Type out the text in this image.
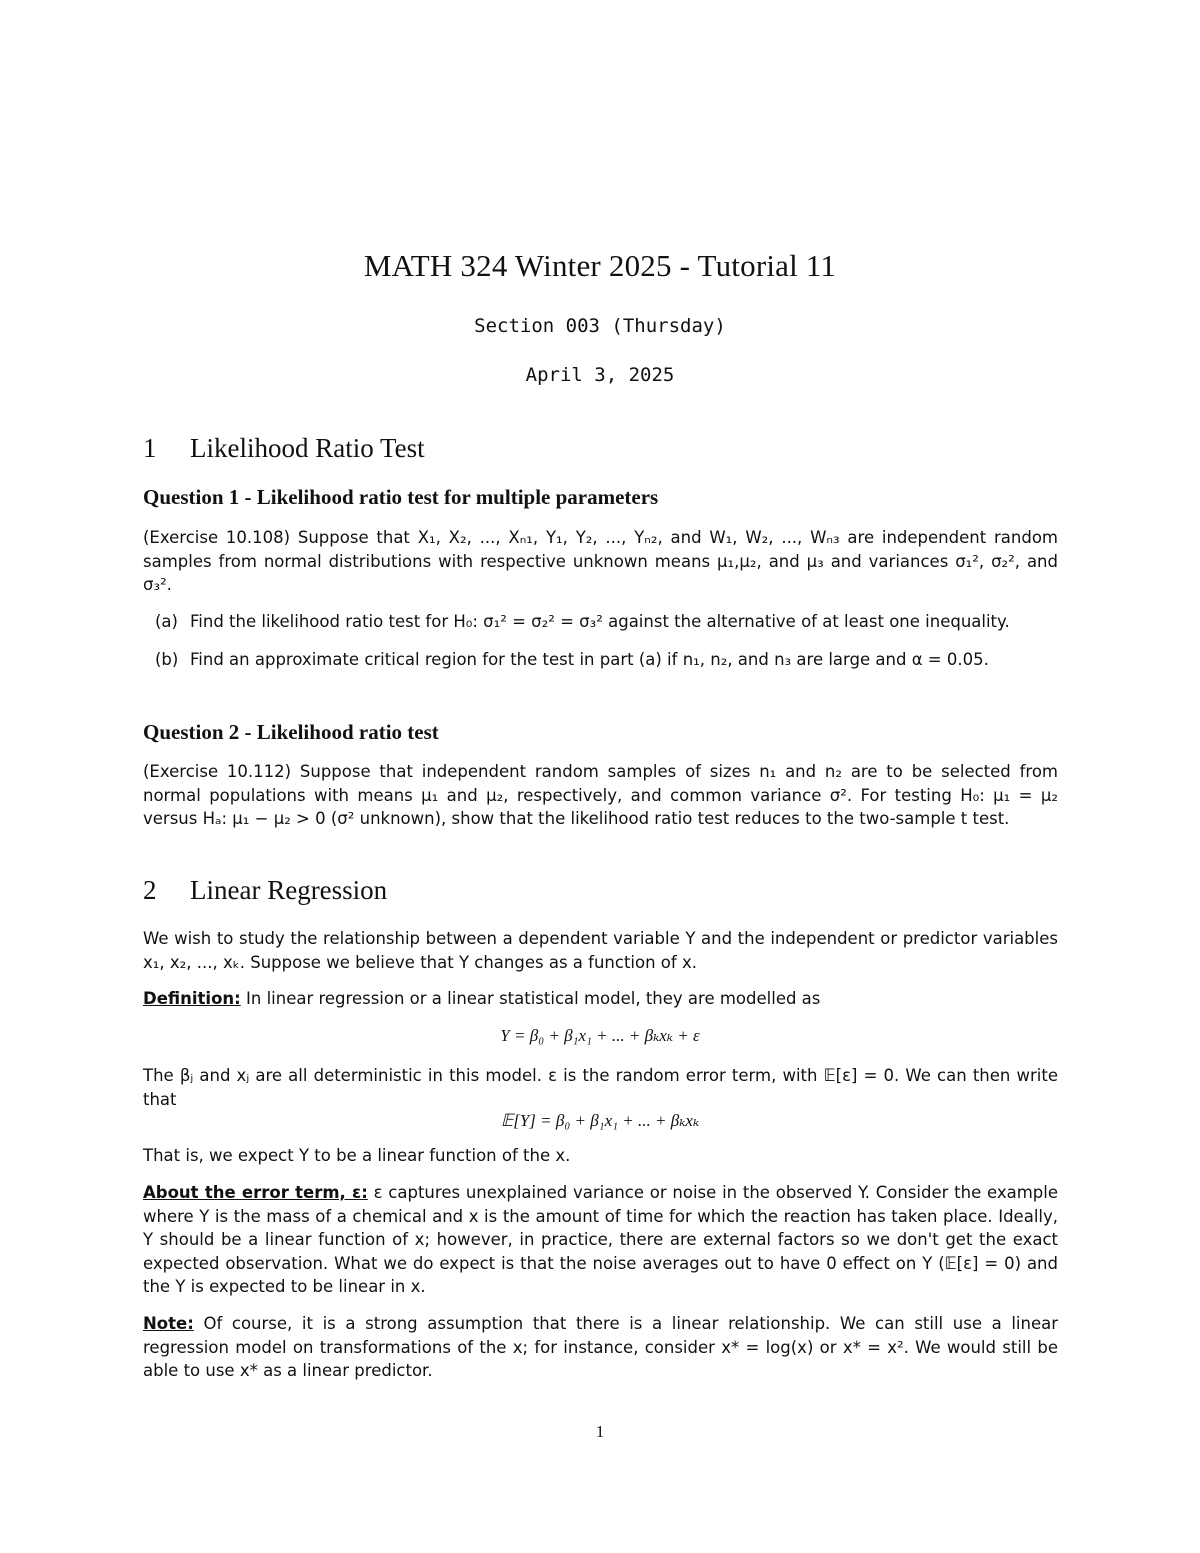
MATH 324 Winter 2025 - Tutorial 11
Section 003 (Thursday)
April 3, 2025
1 Likelihood Ratio Test
Question 1 - Likelihood ratio test for multiple parameters
(Exercise 10.108) Suppose that X₁, X₂, ..., Xₙ₁, Y₁, Y₂, ..., Yₙ₂, and W₁, W₂, ..., Wₙ₃ are independent random samples from normal distributions with respective unknown means μ₁,μ₂, and μ₃ and variances σ₁², σ₂², and σ₃².
(a) Find the likelihood ratio test for H₀: σ₁² = σ₂² = σ₃² against the alternative of at least one inequality.
(b) Find an approximate critical region for the test in part (a) if n₁, n₂, and n₃ are large and α = 0.05.
Question 2 - Likelihood ratio test
(Exercise 10.112) Suppose that independent random samples of sizes n₁ and n₂ are to be selected from normal populations with means μ₁ and μ₂, respectively, and common variance σ². For testing H₀: μ₁ = μ₂ versus Hₐ: μ₁ − μ₂ > 0 (σ² unknown), show that the likelihood ratio test reduces to the two-sample t test.
2 Linear Regression
We wish to study the relationship between a dependent variable Y and the independent or predictor variables x₁, x₂, ..., xₖ. Suppose we believe that Y changes as a function of x.
Definition: In linear regression or a linear statistical model, they are modelled as
Y = β₀ + β₁x₁ + ... + βₖxₖ + ε
The βⱼ and xⱼ are all deterministic in this model. ε is the random error term, with 𝔼[ε] = 0. We can then write that
𝔼[Y] = β₀ + β₁x₁ + ... + βₖxₖ
That is, we expect Y to be a linear function of the x.
About the error term, ε: ε captures unexplained variance or noise in the observed Y. Consider the example where Y is the mass of a chemical and x is the amount of time for which the reaction has taken place. Ideally, Y should be a linear function of x; however, in practice, there are external factors so we don't get the exact expected observation. What we do expect is that the noise averages out to have 0 effect on Y (𝔼[ε] = 0) and the Y is expected to be linear in x.
Note: Of course, it is a strong assumption that there is a linear relationship. We can still use a linear regression model on transformations of the x; for instance, consider x* = log(x) or x* = x². We would still be able to use x* as a linear predictor.
1
